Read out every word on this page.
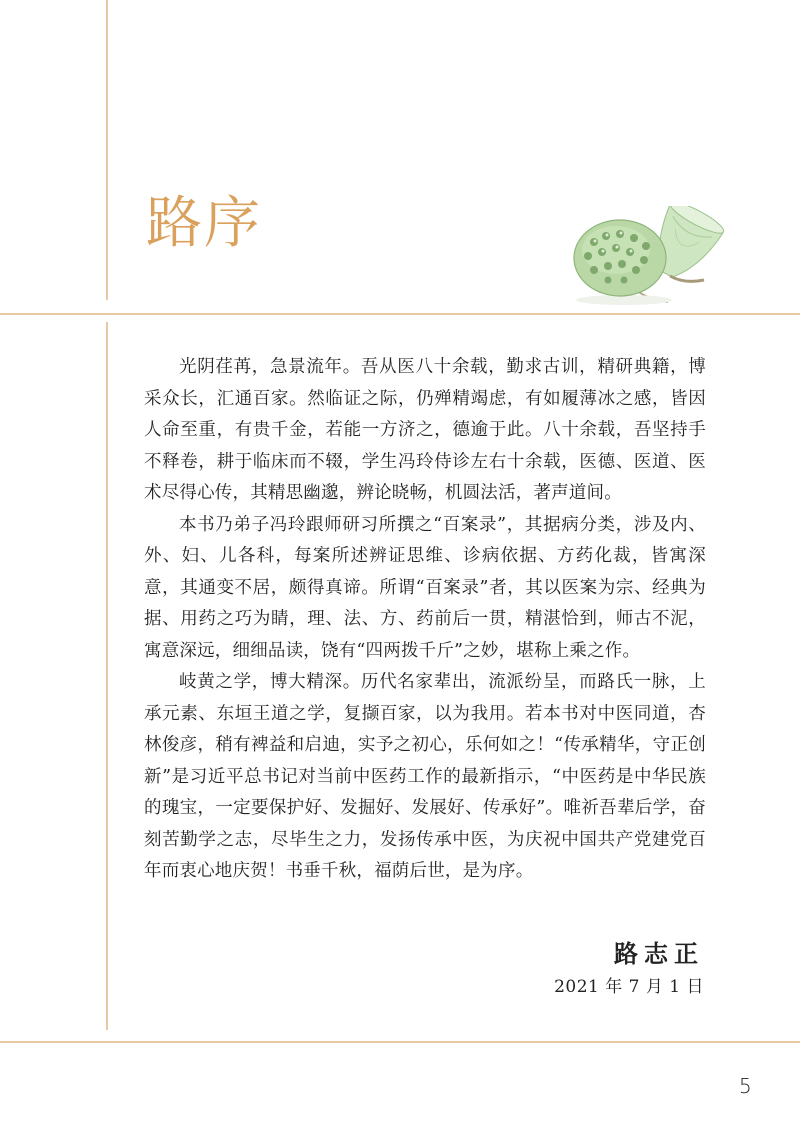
路序

光阴荏苒，急景流年。吾从医八十余载，勤求古训，精研典籍，博采众长，汇通百家。然临证之际，仍殚精竭虑，有如履薄冰之感，皆因人命至重，有贵千金，若能一方济之，德逾于此。八十余载，吾坚持手不释卷，耕于临床而不辍，学生冯玲侍诊左右十余载，医德、医道、医术尽得心传，其精思幽邈，辨论晓畅，机圆法活，著声道间。

本书乃弟子冯玲跟师研习所撰之“百案录”，其据病分类，涉及内、外、妇、儿各科，每案所述辨证思维、诊病依据、方药化裁，皆寓深意，其通变不居，颇得真谛。所谓“百案录”者，其以医案为宗、经典为据、用药之巧为睛，理、法、方、药前后一贯，精湛恰到，师古不泥，寓意深远，细细品读，饶有“四两拨千斤”之妙，堪称上乘之作。

岐黄之学，博大精深。历代名家辈出，流派纷呈，而路氏一脉，上承元素、东垣王道之学，复撷百家，以为我用。若本书对中医同道，杏林俊彦，稍有裨益和启迪，实予之初心，乐何如之！“传承精华，守正创新”是习近平总书记对当前中医药工作的最新指示，“中医药是中华民族的瑰宝，一定要保护好、发掘好、发展好、传承好”。唯祈吾辈后学，奋刻苦勤学之志，尽毕生之力，发扬传承中医，为庆祝中国共产党建党百年而衷心地庆贺！书垂千秋，福荫后世，是为序。

路志正
2021 年 7 月 1 日
5
